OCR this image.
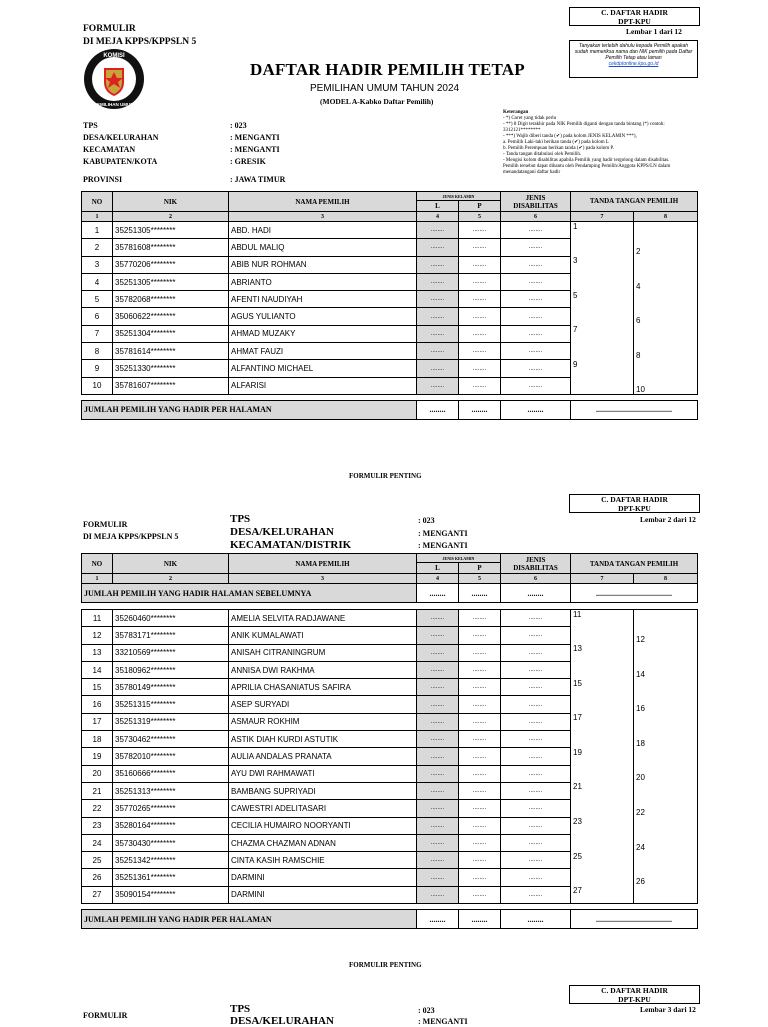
FORMULIR
DI MEJA KPPS/KPPSLN 5
C. DAFTAR HADIR
DPT-KPU
Lembar 1 dari 12
Tanyakan terlebih dahulu kepada Pemilih apakah sudah memeriksa nama dan NIK pemilih pada Daftar Pemilih Tetap atau laman
cekdptonline.kpu.go.id
KOMISI
PEMILIHAN UMUM
DAFTAR HADIR PEMILIH TETAP
PEMILIHAN UMUM TAHUN 2024
(MODEL A-Kabko Daftar Pemilih)
TPS	: 023
DESA/KELURAHAN	: MENGANTI
KECAMATAN	: MENGANTI
KABUPATEN/KOTA	: GRESIK
PROVINSI	: JAWA TIMUR
Keterangan
- *) Coret yang tidak perlu
- **) 8 Digit terakhir pada NIK Pemilih diganti dengan tanda bintang (*) contoh:
3312121********
- ***) Wajib diberi tanda (✔) pada kolom JENIS KELAMIN ***),
a. Pemilih Laki-laki berikan tanda (✔) pada kolom L
b. Pemilih Perempuan berikan tanda (✔) pada kolom P.
- Tanda tangan ditabulasi oleh Pemilih.
- Mengisi kolom disabilitas apabila Pemilih yang hadir tergolong dalam disabilitas.
Pemilih tersebut dapat dibantu oleh Pendamping Pemilih/Anggota KPPS/LN dalam
menandatangani daftar hadir
NO	NIK	NAMA PEMILIH	JENIS KELAMIN		JENIS DISABILITAS	TANDA TANGAN PEMILIH	
			L	P			
1	2	3	4	5	6	7	8
1	35251305********	ABD. HADI	........	........	........	1	
2	35781608********	ABDUL MALIQ	........	........	........		2
3	35770206********	ABIB NUR ROHMAN	........	........	........	3	
4	35251305********	ABRIANTO	........	........	........		4
5	35782068********	AFENTI NAUDIYAH	........	........	........	5	
6	35060622********	AGUS YULIANTO	........	........	........		6
7	35251304********	AHMAD MUZAKY	........	........	........	7	
8	35781614********	AHMAT FAUZI	........	........	........		8
9	35251330********	ALFANTINO MICHAEL	........	........	........	9	
10	35781607********	ALFARISI	........	........	........		10

JUMLAH PEMILIH YANG HADIR PER HALAMAN			........	........	........	......................................	
FORMULIR PENTING
C. DAFTAR HADIR
DPT-KPU
Lembar 2 dari 12
FORMULIR
DI MEJA KPPS/KPPSLN 5
TPS	: 023
DESA/KELURAHAN	: MENGANTI
KECAMATAN/DISTRIK	: MENGANTI
NO	NIK	NAMA PEMILIH	JENIS KELAMIN		JENIS DISABILITAS	TANDA TANGAN PEMILIH	
			L	P			
1	2	3	4	5	6	7	8
JUMLAH PEMILIH YANG HADIR HALAMAN SEBELUMNYA			........	........	........	......................................	

11	35260460********	AMELIA SELVITA RADJAWANE	........	........	........	11	
12	35783171********	ANIK KUMALAWATI	........	........	........		12
13	33210569********	ANISAH CITRANINGRUM	........	........	........	13	
14	35180962********	ANNISA DWI RAKHMA	........	........	........		14
15	35780149********	APRILIA CHASANIATUS SAFIRA	........	........	........	15	
16	35251315********	ASEP SURYADI	........	........	........		16
17	35251319********	ASMAUR ROKHIM	........	........	........	17	
18	35730462********	ASTIK DIAH KURDI ASTUTIK	........	........	........		18
19	35782010********	AULIA ANDALAS PRANATA	........	........	........	19	
20	35160666********	AYU DWI RAHMAWATI	........	........	........		20
21	35251313********	BAMBANG SUPRIYADI	........	........	........	21	
22	35770265********	CAWESTRI ADELITASARI	........	........	........		22
23	35280164********	CECILIA HUMAIRO NOORYANTI	........	........	........	23	
24	35730430********	CHAZMA CHAZMAN ADNAN	........	........	........		24
25	35251342********	CINTA KASIH RAMSCHIE	........	........	........	25	
26	35251361********	DARMINI	........	........	........		26
27	35090154********	DARMINI	........	........	........	27	

JUMLAH PEMILIH YANG HADIR PER HALAMAN			........	........	........	......................................	
FORMULIR PENTING
C. DAFTAR HADIR
DPT-KPU
Lembar 3 dari 12
TPS	: 023
DESA/KELURAHAN	: MENGANTI
FORMULIR
